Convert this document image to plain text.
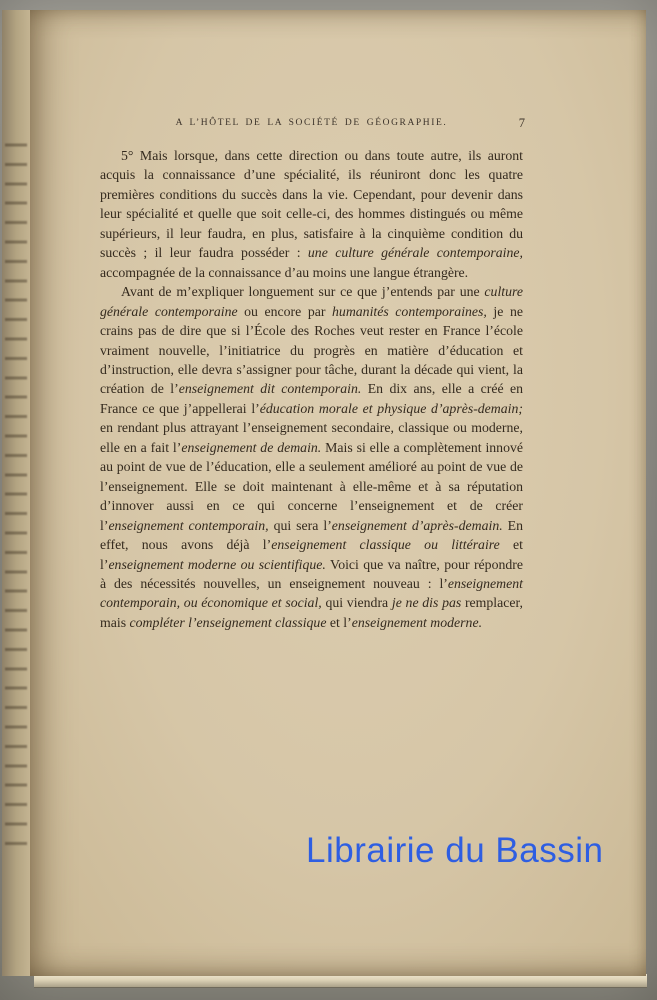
A L’HÔTEL DE LA SOCIÉTÉ DE GÉOGRAPHIE.	7

5° Mais lorsque, dans cette direction ou dans toute autre, ils auront acquis la connaissance d’une spécialité, ils réuniront donc les quatre premières conditions du succès dans la vie. Cependant, pour devenir dans leur spécialité et quelle que soit celle-ci, des hommes distingués ou même supérieurs, il leur faudra, en plus, satisfaire à la cinquième condition du succès ; il leur faudra posséder : une culture générale contemporaine, accompagnée de la connaissance d’au moins une langue étrangère.

Avant de m’expliquer longuement sur ce que j’entends par une culture générale contemporaine ou encore par humanités contemporaines, je ne crains pas de dire que si l’École des Roches veut rester en France l’école vraiment nouvelle, l’initiatrice du progrès en matière d’éducation et d’instruction, elle devra s’assigner pour tâche, durant la décade qui vient, la création de l’enseignement dit contemporain. En dix ans, elle a créé en France ce que j’appellerai l’éducation morale et physique d’après-demain; en rendant plus attrayant l’enseignement secondaire, classique ou moderne, elle en a fait l’enseignement de demain. Mais si elle a complètement innové au point de vue de l’éducation, elle a seulement amélioré au point de vue de l’enseignement. Elle se doit maintenant à elle-même et à sa réputation d’innover aussi en ce qui concerne l’enseignement et de créer l’enseignement contemporain, qui sera l’enseignement d’après-demain. En effet, nous avons déjà l’enseignement classique ou littéraire et l’enseignement moderne ou scientifique. Voici que va naître, pour répondre à des nécessités nouvelles, un enseignement nouveau : l’enseignement contemporain, ou économique et social, qui viendra je ne dis pas remplacer, mais compléter l’enseignement classique et l’enseignement moderne.

Librairie du Bassin
